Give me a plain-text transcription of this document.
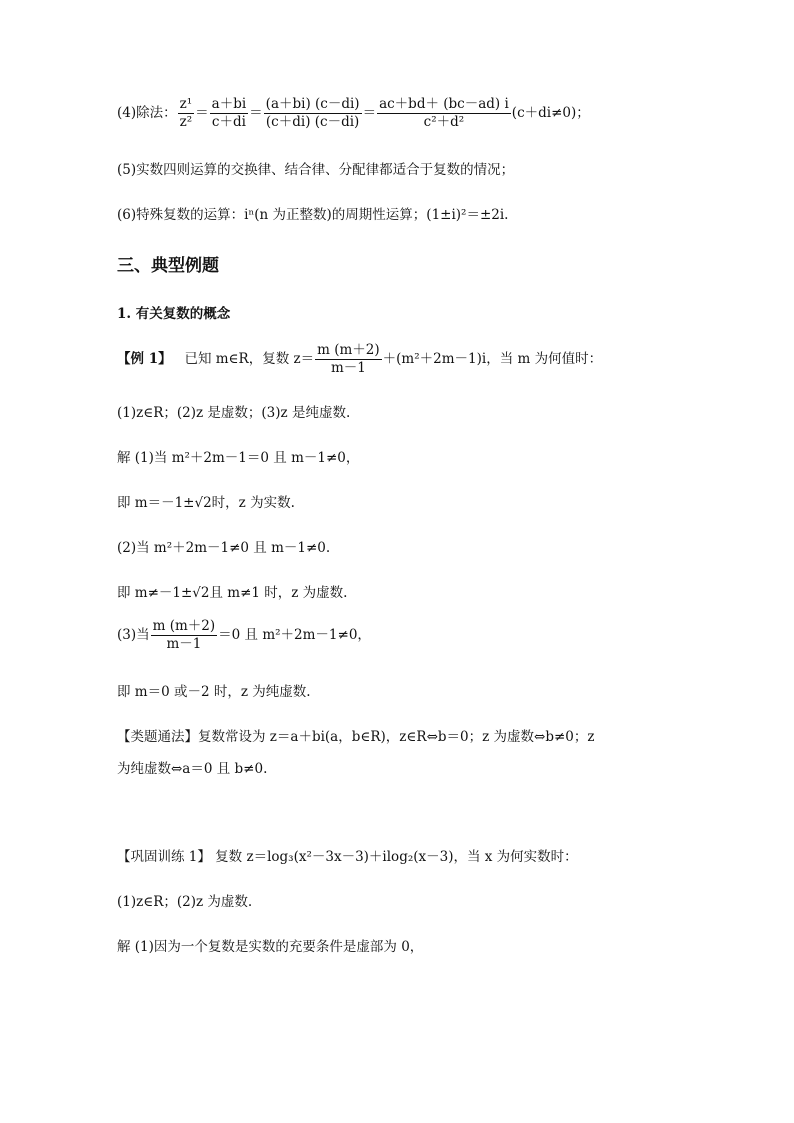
(4)除法： $\frac{\text{z¹}}{\text{z²}} = \frac{a+bi}{c+di} = \frac{(a+bi) (c-di)}{(c+di) (c-di)} = \frac{ac+bd+ (bc-ad) i}{\text{c²＋d²}} (c+di\ne 0)$；
(5)实数四则运算的交换律、结合律、分配律都适合于复数的情况；
(6)特殊复数的运算：iⁿ(n 为正整数)的周期性运算；(1±i)²＝±2i.
三、典型例题
1. 有关复数的概念
【例 1】 已知 m∈R，复数 $z= \frac{m (m+2)}{m-1} +(m^2+2m-1)i$，当 m 为何值时：
(1)z∈R；(2)z 是虚数；(3)z 是纯虚数.
解 (1)当 m²＋2m－1＝0 且 m－1≠0，
即 m＝－1±√2时，z 为实数.
(2)当 m²＋2m－1≠0 且 m－1≠0.
即 m≠－1±√2且 m≠1 时，z 为虚数.
(3)当 $\frac{m (m+2)}{m-1} =0$ 且 m²＋2m－1≠0，
即 m＝0 或－2 时，z 为纯虚数.
【类题通法】复数常设为 z＝a＋bi(a，b∈R)，z∈R⇔b＝0；z 为虚数⇔b≠0；z
为纯虚数⇔a＝0 且 b≠0.
【巩固训练 1】 复数 z＝log₃(x²－3x－3)＋ilog₂(x－3)，当 x 为何实数时：
(1)z∈R；(2)z 为虚数.
解 (1)因为一个复数是实数的充要条件是虚部为 0，
